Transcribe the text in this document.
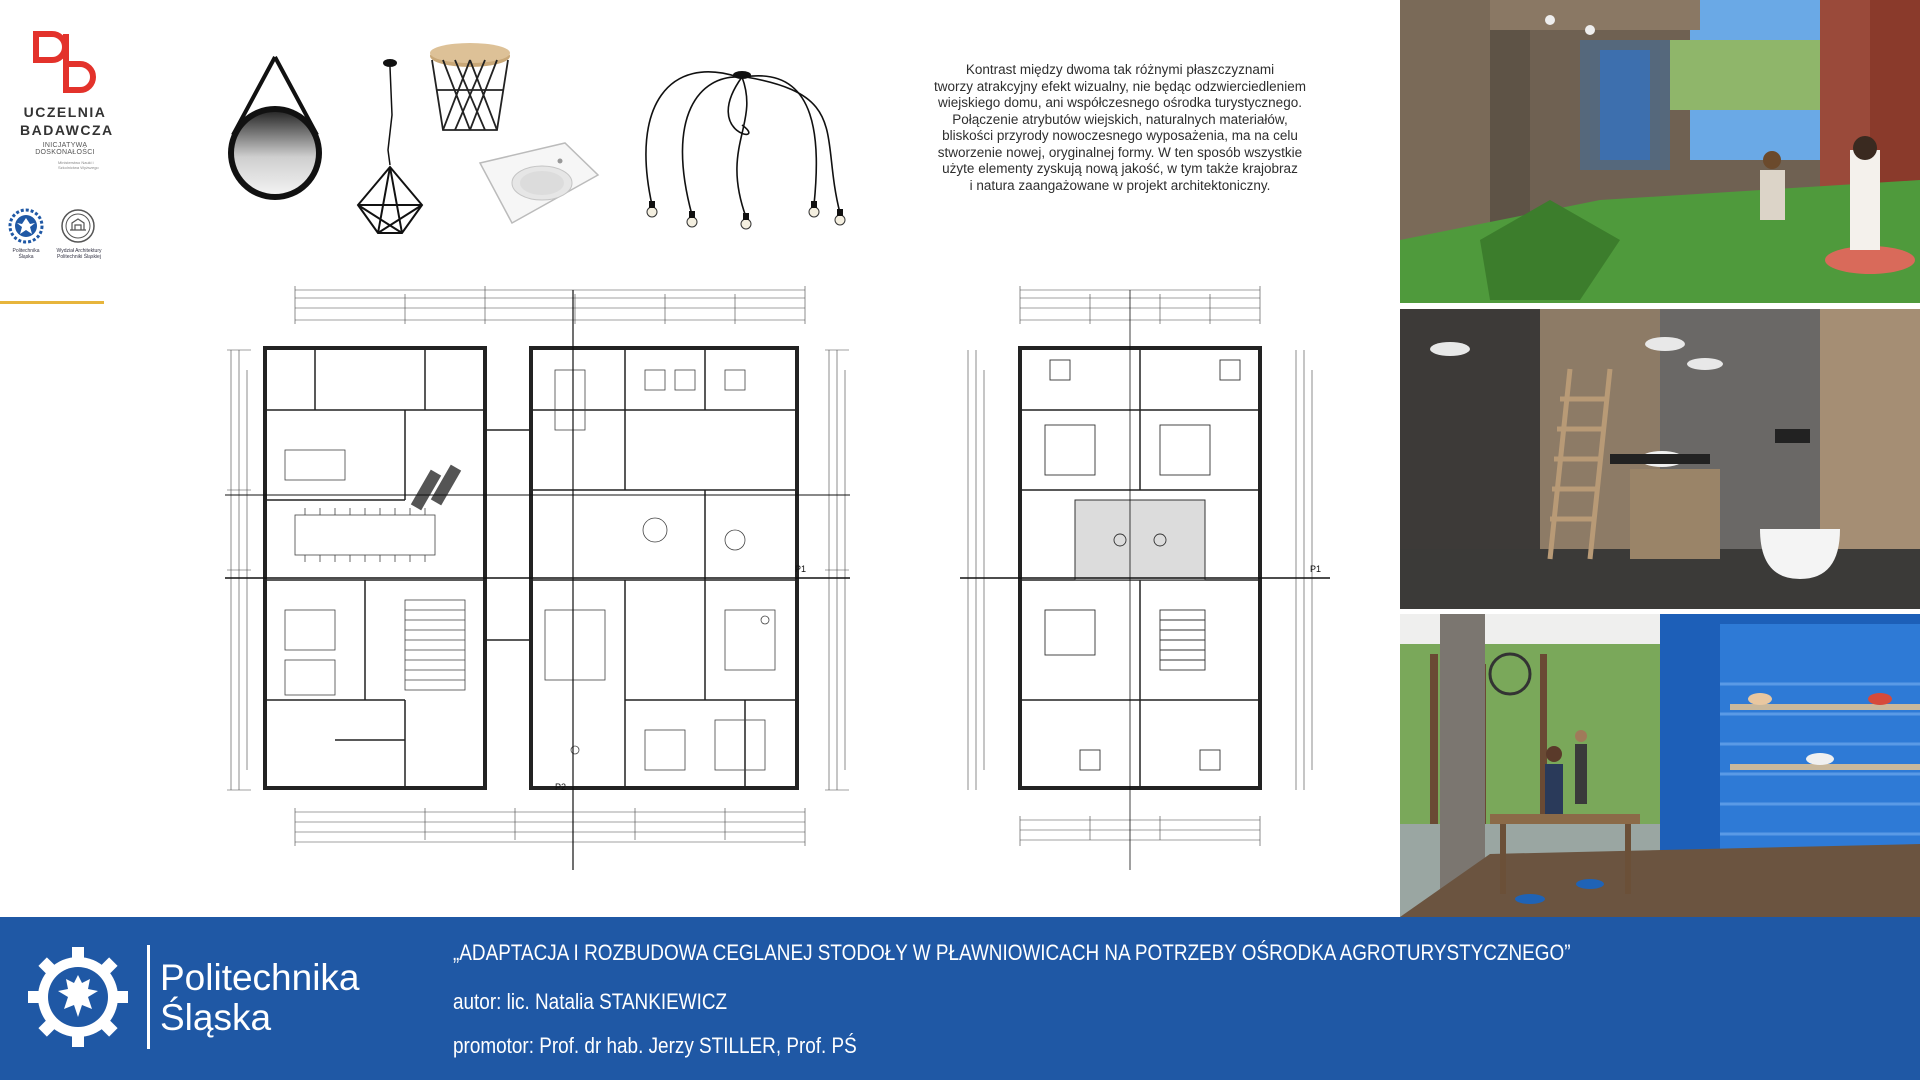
UCZELNIA
BADAWCZA
INICJATYWA DOSKONAŁOŚCI
Ministerstwo Nauki i Szkolnictwa Wyższego
Politechnika
Śląska
Wydział Architektury
Politechniki Śląskiej
Kontrast między dwoma tak różnymi płaszczyznami
tworzy atrakcyjny efekt wizualny, nie będąc odzwierciedleniem
wiejskiego domu, ani współczesnego ośrodka turystycznego.
Połączenie atrybutów wiejskich, naturalnych materiałów,
bliskości przyrody nowoczesnego wyposażenia, ma na celu
stworzenie nowej, oryginalnej formy. W ten sposób wszystkie
użyte elementy zyskują nową jakość, w tym także krajobraz
i natura zaangażowane w projekt architektoniczny.
P1
P2
P1
Politechnika
Śląska
„ADAPTACJA I ROZBUDOWA CEGLANEJ STODOŁY W PŁAWNIOWICACH NA POTRZEBY OŚRODKA AGROTURYSTYCZNEGO”
autor: lic. Natalia STANKIEWICZ
promotor: Prof. dr hab. Jerzy STILLER, Prof. PŚ
